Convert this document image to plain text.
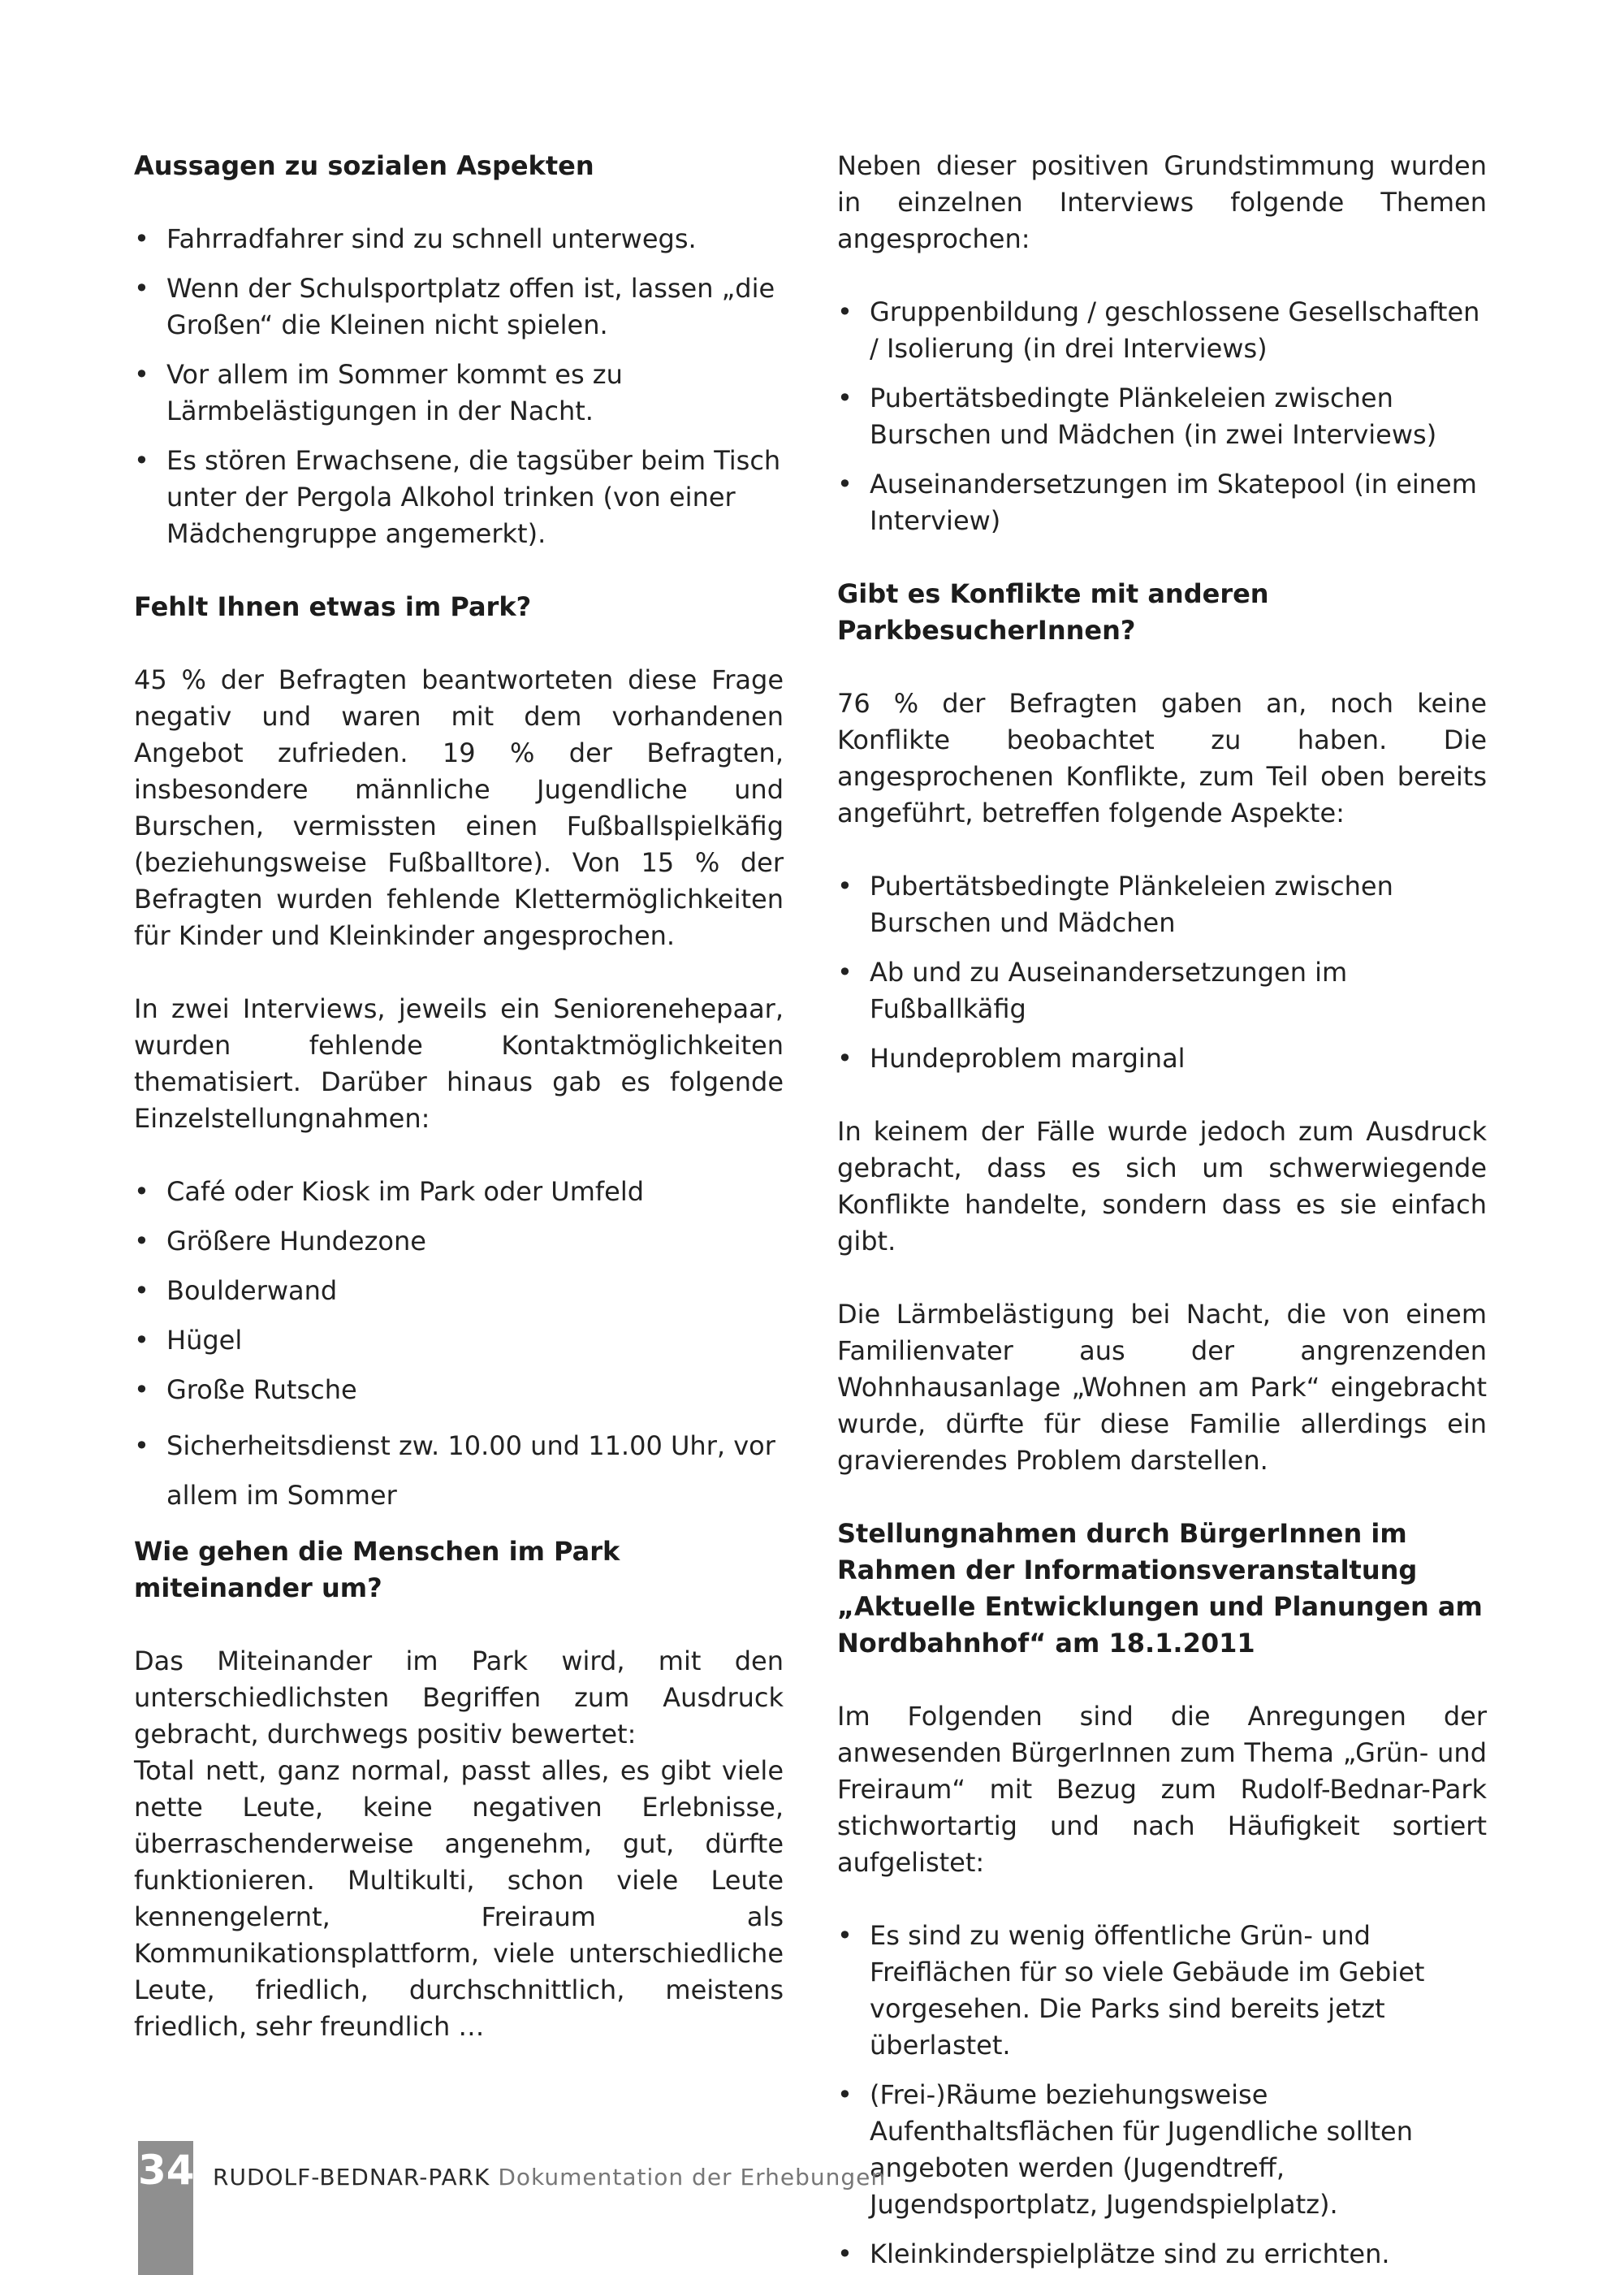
Aussagen zu sozialen Aspekten
• Fahrradfahrer sind zu schnell unterwegs.
• Wenn der Schulsportplatz offen ist, lassen „die Großen“ die Kleinen nicht spielen.
• Vor allem im Sommer kommt es zu Lärmbelästigungen in der Nacht.
• Es stören Erwachsene, die tagsüber beim Tisch unter der Pergola Alkohol trinken (von einer Mädchengruppe angemerkt).
Fehlt Ihnen etwas im Park?

45 % der Befragten beantworteten diese Frage negativ und waren mit dem vorhandenen Angebot zufrieden. 19 % der Befragten, insbesondere männliche Jugendliche und Burschen, vermissten einen Fußballspielkäfig (beziehungsweise Fußballtore). Von 15 % der Befragten wurden fehlende Klettermöglichkeiten für Kinder und Kleinkinder angesprochen.

In zwei Interviews, jeweils ein Seniorenehepaar, wurden fehlende Kontaktmöglichkeiten thematisiert. Darüber hinaus gab es folgende Einzelstellungnahmen:

• Café oder Kiosk im Park oder Umfeld
• Größere Hundezone
• Boulderwand
• Hügel
• Große Rutsche
• Sicherheitsdienst zw. 10.00 und 11.00 Uhr, vor allem im Sommer
Wie gehen die Menschen im Park miteinander um?

Das Miteinander im Park wird, mit den unterschiedlichsten Begriffen zum Ausdruck gebracht, durchwegs positiv bewertet:

Total nett, ganz normal, passt alles, es gibt viele nette Leute, keine negativen Erlebnisse, überraschenderweise angenehm, gut, dürfte funktionieren. Multikulti, schon viele Leute kennengelernt, Freiraum als Kommunikationsplattform, viele unterschiedliche Leute, friedlich, durchschnittlich, meistens friedlich, sehr freundlich …

Neben dieser positiven Grundstimmung wurden in einzelnen Interviews folgende Themen angesprochen:

• Gruppenbildung / geschlossene Gesellschaften / Isolierung (in drei Interviews)
• Pubertätsbedingte Plänkeleien zwischen Burschen und Mädchen (in zwei Interviews)
• Auseinandersetzungen im Skatepool (in einem Interview)
Gibt es Konflikte mit anderen ParkbesucherInnen?

76 % der Befragten gaben an, noch keine Konflikte beobachtet zu haben. Die angesprochenen Konflikte, zum Teil oben bereits angeführt, betreffen folgende Aspekte:

• Pubertätsbedingte Plänkeleien zwischen Burschen und Mädchen
• Ab und zu Auseinandersetzungen im Fußballkäfig
• Hundeproblem marginal

In keinem der Fälle wurde jedoch zum Ausdruck gebracht, dass es sich um schwerwiegende Konflikte handelte, sondern dass es sie einfach gibt.

Die Lärmbelästigung bei Nacht, die von einem Familienvater aus der angrenzenden Wohnhausanlage „Wohnen am Park“ eingebracht wurde, dürfte für diese Familie allerdings ein gravierendes Problem darstellen.

Stellungnahmen durch BürgerInnen im Rahmen der Informationsveranstaltung „Aktuelle Entwicklungen und Planungen am Nordbahnhof“ am 18.1.2011

Im Folgenden sind die Anregungen der anwesenden BürgerInnen zum Thema „Grün- und Freiraum“ mit Bezug zum Rudolf-Bednar-Park stichwortartig und nach Häufigkeit sortiert aufgelistet:

• Es sind zu wenig öffentliche Grün- und Freiflächen für so viele Gebäude im Gebiet vorgesehen. Die Parks sind bereits jetzt überlastet.
• (Frei-)Räume beziehungsweise Aufenthaltsflächen für Jugendliche sollten angeboten werden (Jugendtreff, Jugendsportplatz, Jugendspielplatz).
• Kleinkinderspielplätze sind zu errichten.
34 RUDOLF-BEDNAR-PARK Dokumentation der Erhebungen
